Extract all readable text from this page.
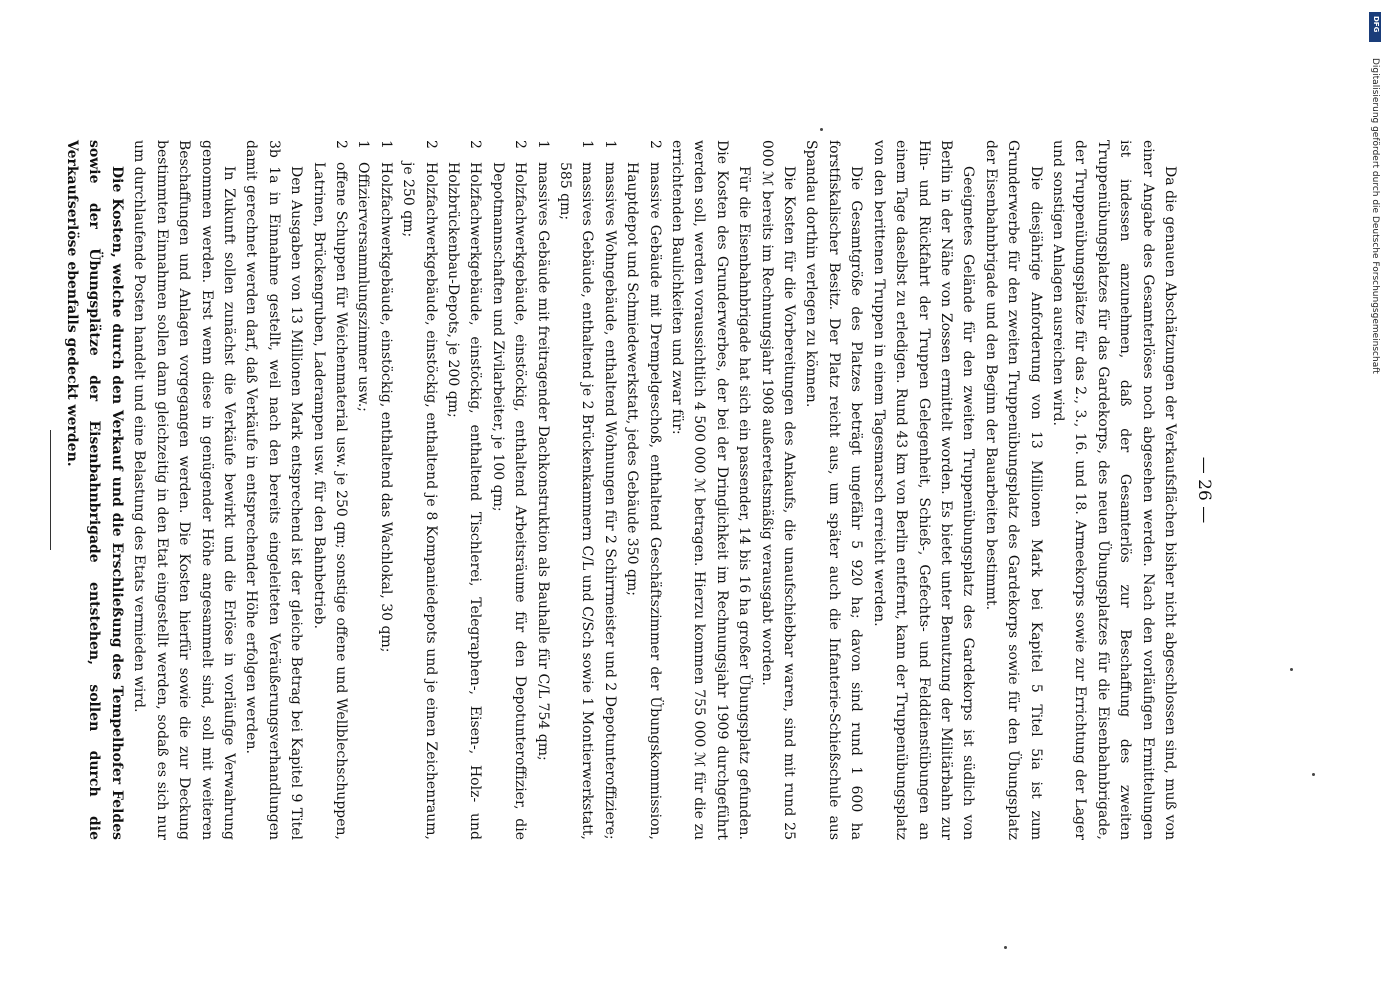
— 26 —

Da die genauen Abschätzungen der Verkaufsflächen bisher nicht abgeschlossen sind, muß von einer Angabe des Gesamterlöses noch abgesehen werden. Nach den vorläufigen Ermittelungen ist indessen anzunehmen, daß der Gesamterlös zur Beschaffung des zweiten Truppenübungsplatzes für das Gardekorps, des neuen Übungsplatzes für die Eisenbahnbrigade, der Truppenübungsplätze für das 2., 3., 16. und 18. Armeekorps sowie zur Errichtung der Lager und sonstigen Anlagen ausreichen wird.

Die diesjährige Anforderung von 13 Millionen Mark bei Kapitel 5 Titel 5ia ist zum Grunderwerbe für den zweiten Truppenübungsplatz des Gardekorps sowie für den Übungsplatz der Eisenbahnbrigade und den Beginn der Bauarbeiten bestimmt.

Geeignetes Gelände für den zweiten Truppenübungsplatz des Gardekorps ist südlich von Berlin in der Nähe von Zossen ermittelt worden. Es bietet unter Benutzung der Militärbahn zur Hin- und Rückfahrt der Truppen Gelegenheit, Schieß-, Gefechts- und Felddienstübungen an einem Tage daselbst zu erledigen. Rund 43 km von Berlin entfernt, kann der Truppenübungsplatz von den berittenen Truppen in einem Tagesmarsch erreicht werden.

Die Gesamtgröße des Platzes beträgt ungefähr 5 920 ha; davon sind rund 1 600 ha forstfiskalischer Besitz. Der Platz reicht aus, um später auch die Infanterie-Schießschule aus Spandau dorthin verlegen zu können.

Die Kosten für die Vorbereitungen des Ankaufs, die unaufschiebbar waren, sind mit rund 25 000 ℳ bereits im Rechnungsjahr 1908 außeretatsmäßig verausgabt worden.

Für die Eisenbahnbrigade hat sich ein passender, 14 bis 16 ha großer Übungsplatz gefunden. Die Kosten des Grunderwerbes, der bei der Dringlichkeit im Rechnungsjahr 1909 durchgeführt werden soll, werden voraussichtlich 4 500 000 ℳ betragen. Hierzu kommen 755 000 ℳ für die zu errichtenden Baulichkeiten und zwar für:

2massive Gebäude mit Drempelgeschoß, enthaltend Geschäftszimmer der Übungskommission, Hauptdepot und Schmiedewerkstatt, jedes Gebäude 350 qm;

1massives Wohngebäude, enthaltend Wohnungen für 2 Schirrmeister und 2 Depotunteroffiziere;

1massives Gebäude, enthaltend je 2 Brückenkammern C/L und C/Sch sowie 1 Montierwerkstatt, 585 qm;

1massives Gebäude mit freitragender Dachkonstruktion als Bauhalle für C/L 754 qm;

2Holzfachwerkgebäude, einstöckig, enthaltend Arbeitsräume für den Depotunteroffizier, die Depotmannschaften und Zivilarbeiter, je 100 qm;

2Holzfachwerkgebäude, einstöckig, enthaltend Tischlerei, Telegraphen-, Eisen-, Holz- und Holzbrückenbau-Depots, je 200 qm;

2Holzfachwerkgebäude, einstöckig, enthaltend je 8 Kompaniedepots und je einen Zeichenraum, je 250 qm;

1Holzfachwerkgebäude, einstöckig, enthaltend das Wachlokal, 30 qm;

1Offizierversammlungszimmer usw.;

2offene Schuppen für Weichenmaterial usw. je 250 qm; sonstige offene und Wellblechschuppen, Latrinen, Brückengruben, Laderampen usw. für den Bahnbetrieb.

Den Ausgaben von 13 Millionen Mark entsprechend ist der gleiche Betrag bei Kapitel 9 Titel 3b 1a in Einnahme gestellt, weil nach den bereits eingeleiteten Veräußerungsverhandlungen damit gerechnet werden darf, daß Verkäufe in entsprechender Höhe erfolgen werden.

In Zukunft sollen zunächst die Verkäufe bewirkt und die Erlöse in vorläufige Verwahrung genommen werden. Erst wenn diese in genügender Höhe angesammelt sind, soll mit weiteren Beschaffungen und Anlagen vorgegangen werden. Die Kosten hierfür sowie die zur Deckung bestimmten Einnahmen sollen dann gleichzeitig in den Etat eingestellt werden, sodaß es sich nur um durchlaufende Posten handelt und eine Belastung des Etats vermieden wird.

Die Kosten, welche durch den Verkauf und die Erschließung des Tempelhofer Feldes sowie der Übungsplätze der Eisenbahnbrigade entstehen, sollen durch die Verkaufserlöse ebenfalls gedeckt werden.

DFG
Digitalisierung gefördert durch die Deutsche Forschungsgemeinschaft
